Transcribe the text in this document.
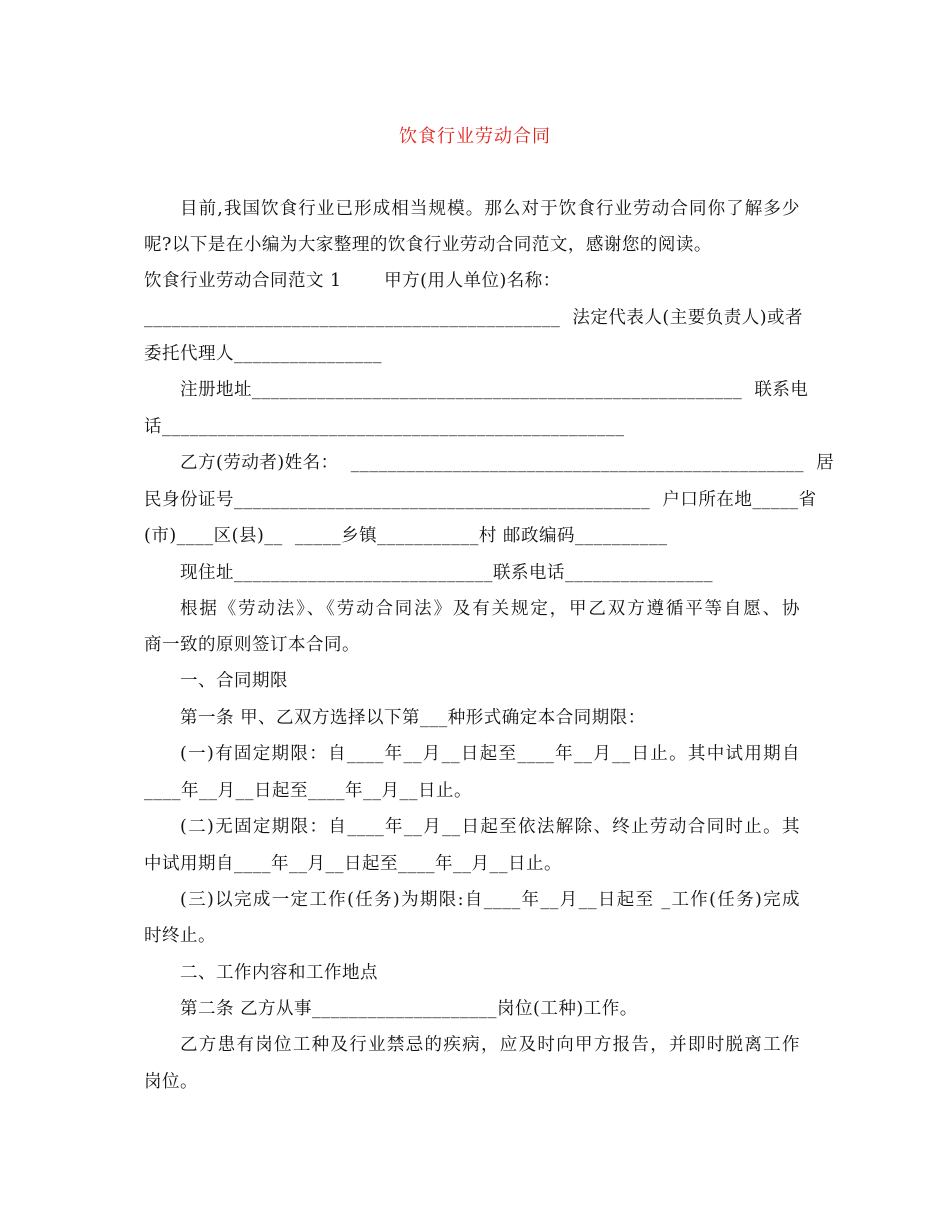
饮食行业劳动合同
目前,我国饮食行业已形成相当规模。那么对于饮食行业劳动合同你了解多少
呢?以下是在小编为大家整理的饮食行业劳动合同范文，感谢您的阅读。
饮食行业劳动合同范文 1       甲方(用人单位)名称：
_____________________________________________  法定代表人(主要负责人)或者
委托代理人________________
注册地址_____________________________________________________  联系电
话__________________________________________________
乙方(劳动者)姓名：  _________________________________________________  居
民身份证号_____________________________________________  户口所在地_____省
(市)____区(县)__  _____乡镇___________村 邮政编码__________
现住址____________________________联系电话________________
根据《劳动法》、《劳动合同法》及有关规定，甲乙双方遵循平等自愿、协
商一致的原则签订本合同。
一、合同期限
第一条 甲、乙双方选择以下第___种形式确定本合同期限：
(一)有固定期限：自____年__月__日起至____年__月__日止。其中试用期自
____年__月__日起至____年__月__日止。
(二)无固定期限：自____年__月__日起至依法解除、终止劳动合同时止。其
中试用期自____年__月__日起至____年__月__日止。
(三)以完成一定工作(任务)为期限:自____年__月__日起至 _工作(任务)完成
时终止。
二、工作内容和工作地点
第二条 乙方从事____________________岗位(工种)工作。
乙方患有岗位工种及行业禁忌的疾病，应及时向甲方报告，并即时脱离工作
岗位。
